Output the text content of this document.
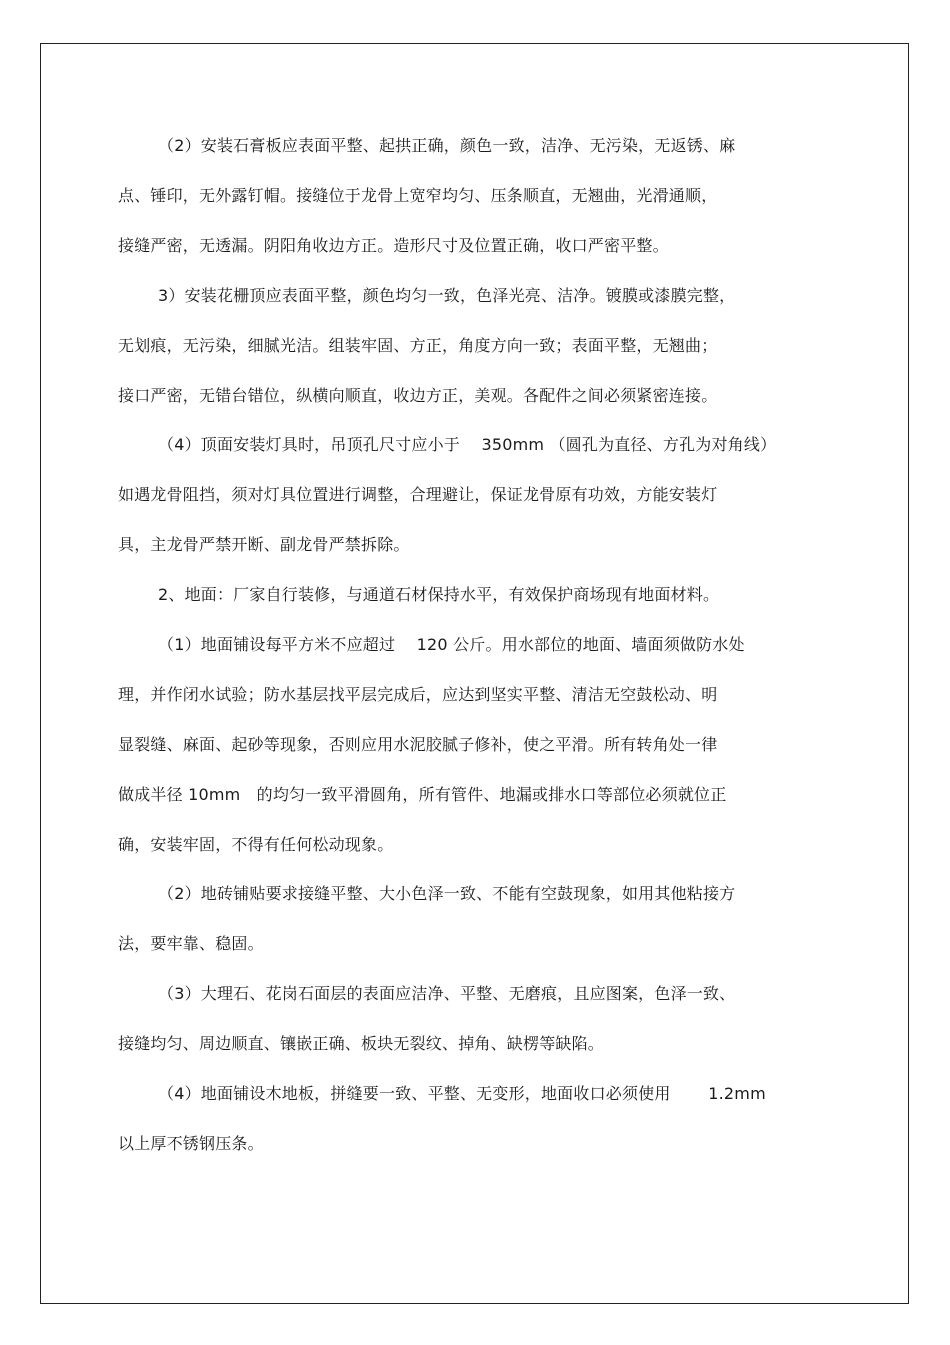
（2）安装石膏板应表面平整、起拱正确，颜色一致，洁净、无污染，无返锈、麻

点、锤印，无外露钉帽。接缝位于龙骨上宽窄均匀、压条顺直，无翘曲，光滑通顺，

接缝严密，无透漏。阴阳角收边方正。造形尺寸及位置正确，收口严密平整。

3）安装花栅顶应表面平整，颜色均匀一致，色泽光亮、洁净。镀膜或漆膜完整，

无划痕，无污染，细腻光洁。组装牢固、方正，角度方向一致；表面平整，无翘曲；

接口严密，无错台错位，纵横向顺直，收边方正，美观。各配件之间必须紧密连接。

（4）顶面安装灯具时，吊顶孔尺寸应小于　 350mm （圆孔为直径、方孔为对角线）

如遇龙骨阻挡，须对灯具位置进行调整，合理避让，保证龙骨原有功效，方能安装灯

具，主龙骨严禁开断、副龙骨严禁拆除。

2、地面：厂家自行装修，与通道石材保持水平，有效保护商场现有地面材料。

（1）地面铺设每平方米不应超过　 120 公斤。用水部位的地面、墙面须做防水处

理，并作闭水试验；防水基层找平层完成后，应达到坚实平整、清洁无空鼓松动、明

显裂缝、麻面、起砂等现象，否则应用水泥胶腻子修补，使之平滑。所有转角处一律

做成半径 10mm　的均匀一致平滑圆角，所有管件、地漏或排水口等部位必须就位正

确，安装牢固，不得有任何松动现象。

（2）地砖铺贴要求接缝平整、大小色泽一致、不能有空鼓现象，如用其他粘接方

法，要牢靠、稳固。

（3）大理石、花岗石面层的表面应洁净、平整、无磨痕，且应图案，色泽一致、

接缝均匀、周边顺直、镶嵌正确、板块无裂纹、掉角、缺楞等缺陷。

（4）地面铺设木地板，拼缝要一致、平整、无变形，地面收口必须使用　　 1.2mm

以上厚不锈钢压条。
